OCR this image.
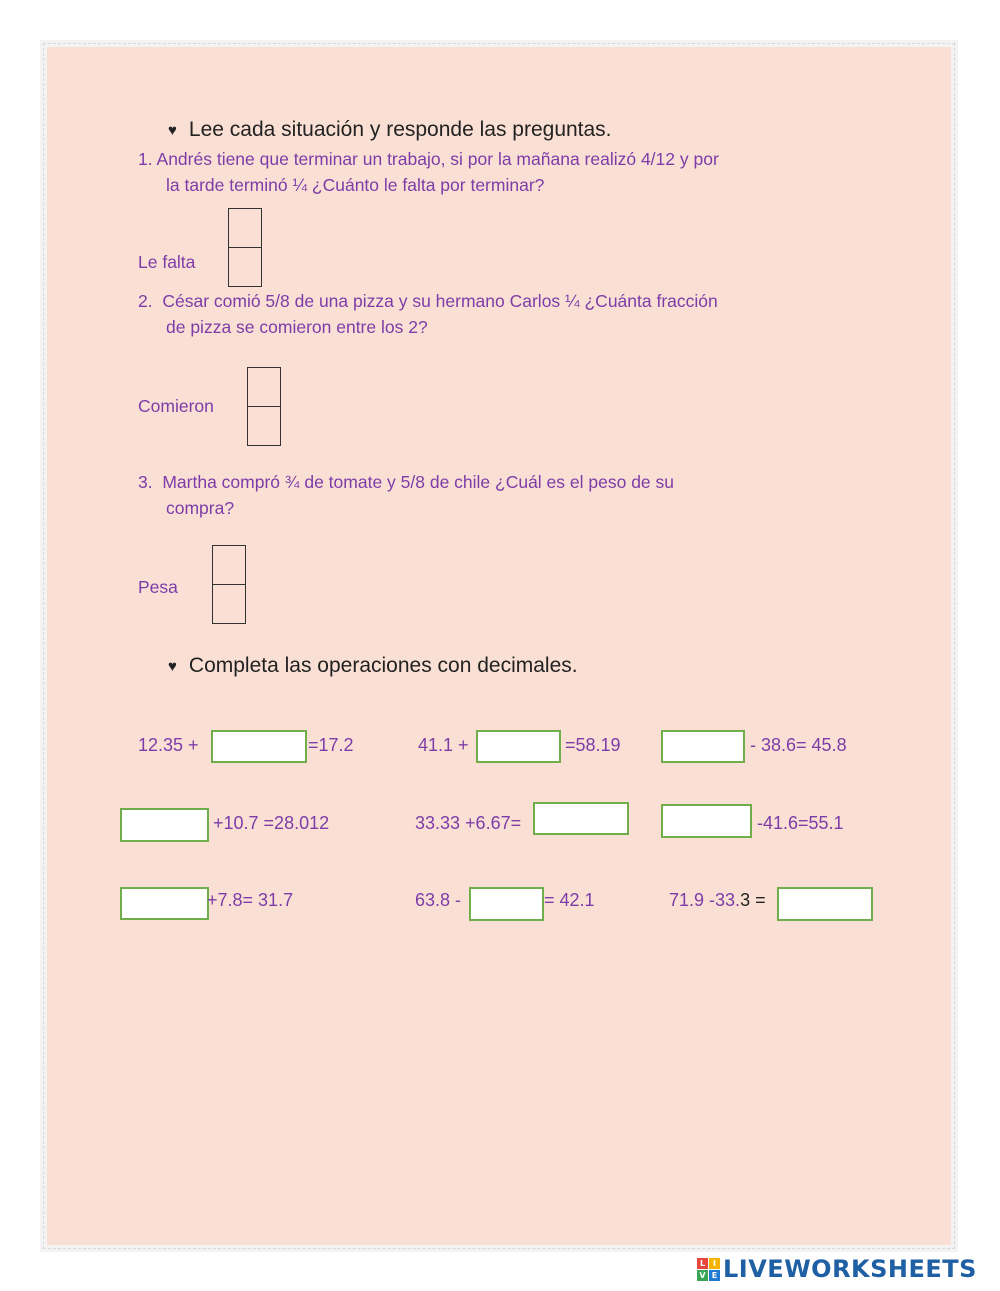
♥ Lee cada situación y responde las preguntas.
1. Andrés tiene que terminar un trabajo, si por la mañana realizó 4/12 y por
la tarde terminó ¼ ¿Cuánto le falta por terminar?
Le falta
2. César comió 5/8 de una pizza y su hermano Carlos ¼ ¿Cuánta fracción
de pizza se comieron entre los 2?
Comieron
3. Martha compró ¾ de tomate y 5/8 de chile ¿Cuál es el peso de su
compra?
Pesa
♥ Completa las operaciones con decimales.
12.35 +	=17.2	41.1 +	=58.19	- 38.6= 45.8
+10.7 =28.012	33.33 +6.67=	-41.6=55.1
+7.8= 31.7	63.8 -	= 42.1	71.9 -33.3 =
L I
V E LIVEWORKSHEETS
